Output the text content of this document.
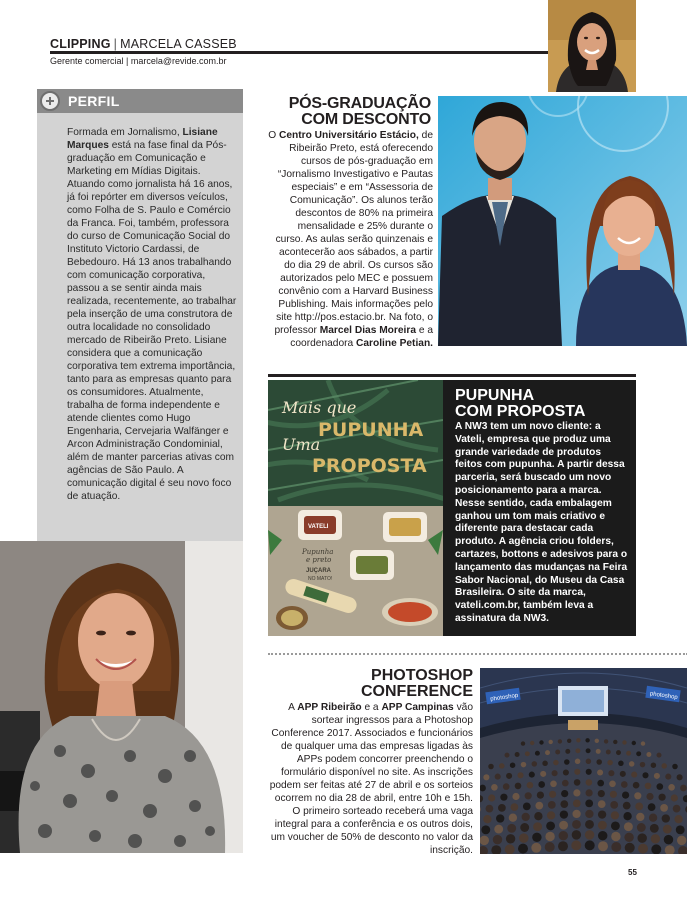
CLIPPING | MARCELA CASSEB
Gerente comercial | marcela@revide.com.br
PERFIL
Formada em Jornalismo, Lisiane Marques está na fase final da Pós-graduação em Comunicação e Marketing em Mídias Digitais. Atuando como jornalista há 16 anos, já foi repórter em diversos veículos, como Folha de S. Paulo e Comércio da Franca. Foi, também, professora do curso de Comunicação Social do Instituto Victorio Cardassi, de Bebedouro. Há 13 anos trabalhando com comunicação corporativa, passou a se sentir ainda mais realizada, recentemente, ao trabalhar pela inserção de uma construtora de outra localidade no consolidado mercado de Ribeirão Preto. Lisiane considera que a comunicação corporativa tem extrema importância, tanto para as empresas quanto para os consumidores. Atualmente, trabalha de forma independente e atende clientes como Hugo Engenharia, Cervejaria Walfänger e Arcon Administração Condominial, além de manter parcerias ativas com agências de São Paulo. A comunicação digital é seu novo foco de atuação.
PÓS-GRADUAÇÃO
COM DESCONTO
O Centro Universitário Estácio, de Ribeirão Preto, está oferecendo cursos de pós-graduação em “Jornalismo Investigativo e Pautas especiais” e em “Assessoria de Comunicação”. Os alunos terão descontos de 80% na primeira mensalidade e 25% durante o curso. As aulas serão quinzenais e acontecerão aos sábados, a partir do dia 29 de abril. Os cursos são autorizados pelo MEC e possuem convênio com a Harvard Business Publishing. Mais informações pelo site http://pos.estacio.br. Na foto, o professor Marcel Dias Moreira e a coordenadora Caroline Petian.
Mais que
PUPUNHA
Uma
PROPOSTA
VATELI
Pupunha
e preto
JUÇARA
NO MATO!
PUPUNHA
COM PROPOSTA
A NW3 tem um novo cliente: a Vateli, empresa que produz uma grande variedade de produtos feitos com pupunha. A partir dessa parceria, será buscado um novo posicionamento para a marca. Nesse sentido, cada embalagem ganhou um tom mais criativo e diferente para destacar cada produto. A agência criou folders, cartazes, bottons e adesivos para o lançamento das mudanças na Feira Sabor Nacional, do Museu da Casa Brasileira. O site da marca, vateli.com.br, também leva a assinatura da NW3.
PHOTOSHOP
CONFERENCE
A APP Ribeirão e a APP Campinas vão sortear ingressos para a Photoshop Conference 2017. Associados e funcionários de qualquer uma das empresas ligadas às APPs podem concorrer preenchendo o formulário disponível no site. As inscrições podem ser feitas até 27 de abril e os sorteios ocorrem no dia 28 de abril, entre 10h e 15h. O primeiro sorteado receberá uma vaga integral para a conferência e os outros dois, um voucher de 50% de desconto no valor da inscrição.
photoshop	photoshop
55
